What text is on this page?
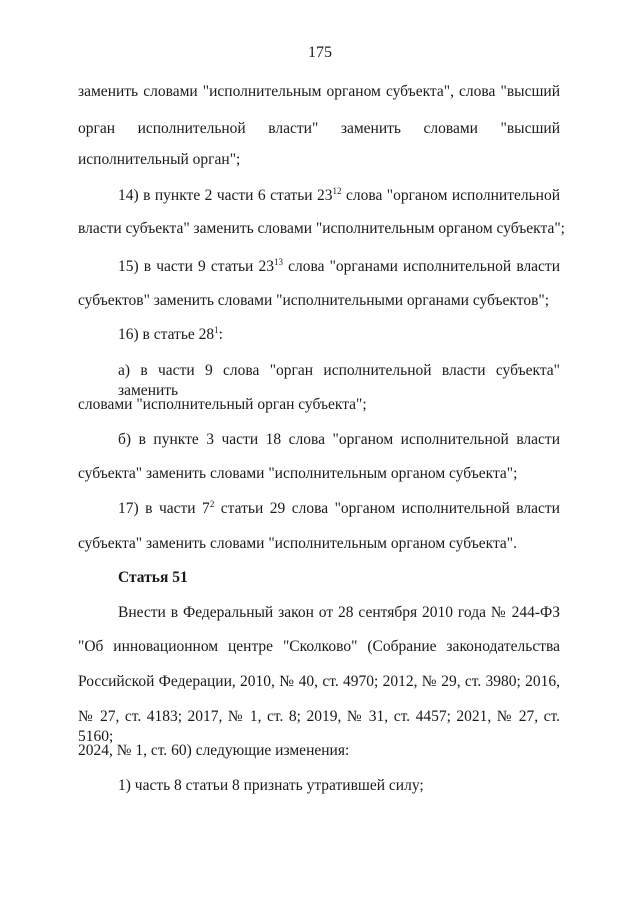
175
заменить словами "исполнительным органом субъекта", слова "высший
орган исполнительной власти" заменить словами "высший
исполнительный орган";
14) в пункте 2 части 6 статьи $23^{12}$ слова "органом исполнительной
власти субъекта" заменить словами "исполнительным органом субъекта";
15) в части 9 статьи $23^{13}$ слова "органами исполнительной власти
субъектов" заменить словами "исполнительными органами субъектов";
16) в статье $28^1$:
а) в части 9 слова "орган исполнительной власти субъекта" заменить
словами "исполнительный орган субъекта";
б) в пункте 3 части 18 слова "органом исполнительной власти
субъекта" заменить словами "исполнительным органом субъекта";
17) в части $7^2$ статьи 29 слова "органом исполнительной власти
субъекта" заменить словами "исполнительным органом субъекта".
Статья 51
Внести в Федеральный закон от 28 сентября 2010 года № 244-ФЗ
"Об инновационном центре "Сколково" (Собрание законодательства
Российской Федерации, 2010, № 40, ст. 4970; 2012, № 29, ст. 3980; 2016,
№ 27, ст. 4183; 2017, № 1, ст. 8; 2019, № 31, ст. 4457; 2021, № 27, ст. 5160;
2024, № 1, ст. 60) следующие изменения:
1) часть 8 статьи 8 признать утратившей силу;
